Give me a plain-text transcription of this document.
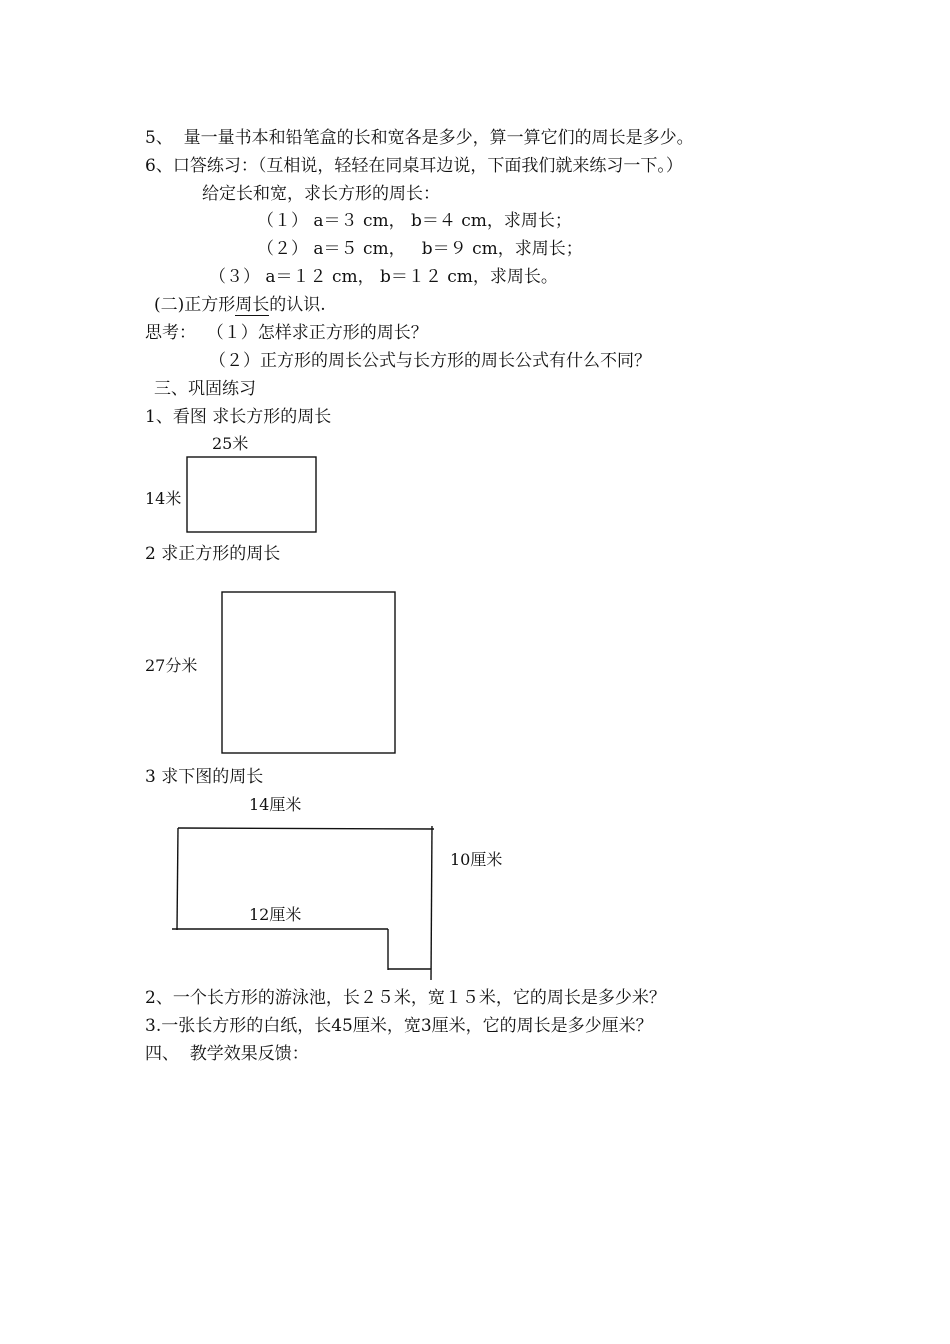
5、  量一量书本和铅笔盒的长和宽各是多少，算一算它们的周长是多少。
6、口答练习：（互相说，轻轻在同桌耳边说，下面我们就来练习一下。）
给定长和宽，求长方形的周长：
（１） a＝３ cm， b＝４ cm，求周长；
（２） a＝５ cm，   b＝９ cm，求周长；
（３） a＝１２ cm， b＝１２ cm，求周长。
(二)正方形周长的认识.
思考：  （１）怎样求正方形的周长？
（２）正方形的周长公式与长方形的周长公式有什么不同？
三、巩固练习
1、看图 求长方形的周长
25米
14米
2 求正方形的周长
27分米
3 求下图的周长
14厘米
10厘米
12厘米
2、一个长方形的游泳池，长２５米，宽１５米，它的周长是多少米？
3.一张长方形的白纸，长45厘米，宽3厘米，它的周长是多少厘米？
四、  教学效果反馈：
